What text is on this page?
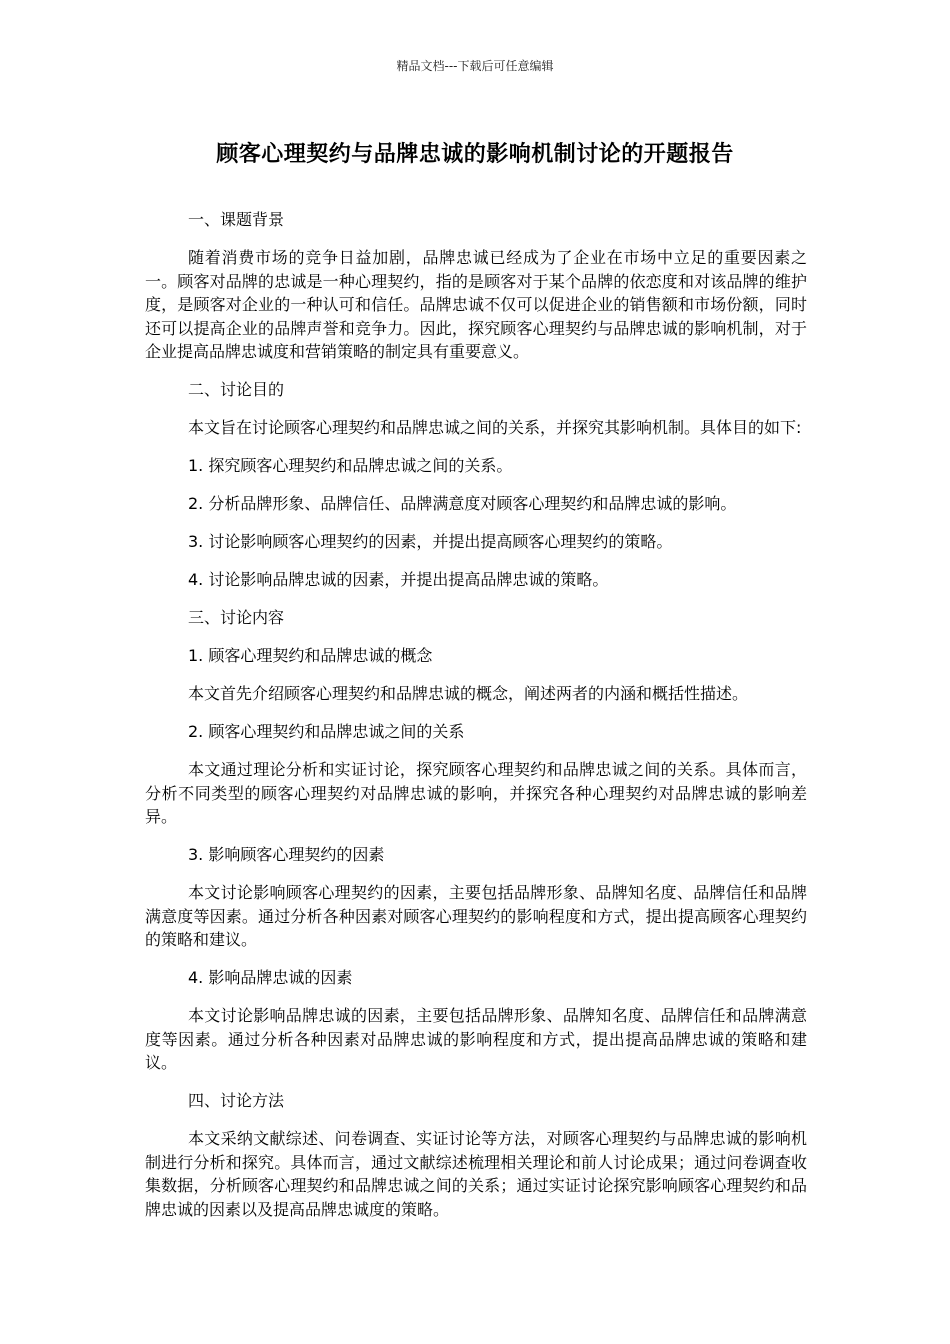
精品文档---下载后可任意编辑
顾客心理契约与品牌忠诚的影响机制讨论的开题报告
一、课题背景
随着消费市场的竞争日益加剧，品牌忠诚已经成为了企业在市场中立足的重要因素之一。顾客对品牌的忠诚是一种心理契约，指的是顾客对于某个品牌的依恋度和对该品牌的维护度，是顾客对企业的一种认可和信任。品牌忠诚不仅可以促进企业的销售额和市场份额，同时还可以提高企业的品牌声誉和竞争力。因此，探究顾客心理契约与品牌忠诚的影响机制，对于企业提高品牌忠诚度和营销策略的制定具有重要意义。
二、讨论目的
本文旨在讨论顾客心理契约和品牌忠诚之间的关系，并探究其影响机制。具体目的如下:
1. 探究顾客心理契约和品牌忠诚之间的关系。
2. 分析品牌形象、品牌信任、品牌满意度对顾客心理契约和品牌忠诚的影响。
3. 讨论影响顾客心理契约的因素，并提出提高顾客心理契约的策略。
4. 讨论影响品牌忠诚的因素，并提出提高品牌忠诚的策略。
三、讨论内容
1. 顾客心理契约和品牌忠诚的概念
本文首先介绍顾客心理契约和品牌忠诚的概念，阐述两者的内涵和概括性描述。
2. 顾客心理契约和品牌忠诚之间的关系
本文通过理论分析和实证讨论，探究顾客心理契约和品牌忠诚之间的关系。具体而言，分析不同类型的顾客心理契约对品牌忠诚的影响，并探究各种心理契约对品牌忠诚的影响差异。
3. 影响顾客心理契约的因素
本文讨论影响顾客心理契约的因素，主要包括品牌形象、品牌知名度、品牌信任和品牌满意度等因素。通过分析各种因素对顾客心理契约的影响程度和方式，提出提高顾客心理契约的策略和建议。
4. 影响品牌忠诚的因素
本文讨论影响品牌忠诚的因素，主要包括品牌形象、品牌知名度、品牌信任和品牌满意度等因素。通过分析各种因素对品牌忠诚的影响程度和方式，提出提高品牌忠诚的策略和建议。
四、讨论方法
本文采纳文献综述、问卷调查、实证讨论等方法，对顾客心理契约与品牌忠诚的影响机制进行分析和探究。具体而言，通过文献综述梳理相关理论和前人讨论成果；通过问卷调查收集数据，分析顾客心理契约和品牌忠诚之间的关系；通过实证讨论探究影响顾客心理契约和品牌忠诚的因素以及提高品牌忠诚度的策略。
